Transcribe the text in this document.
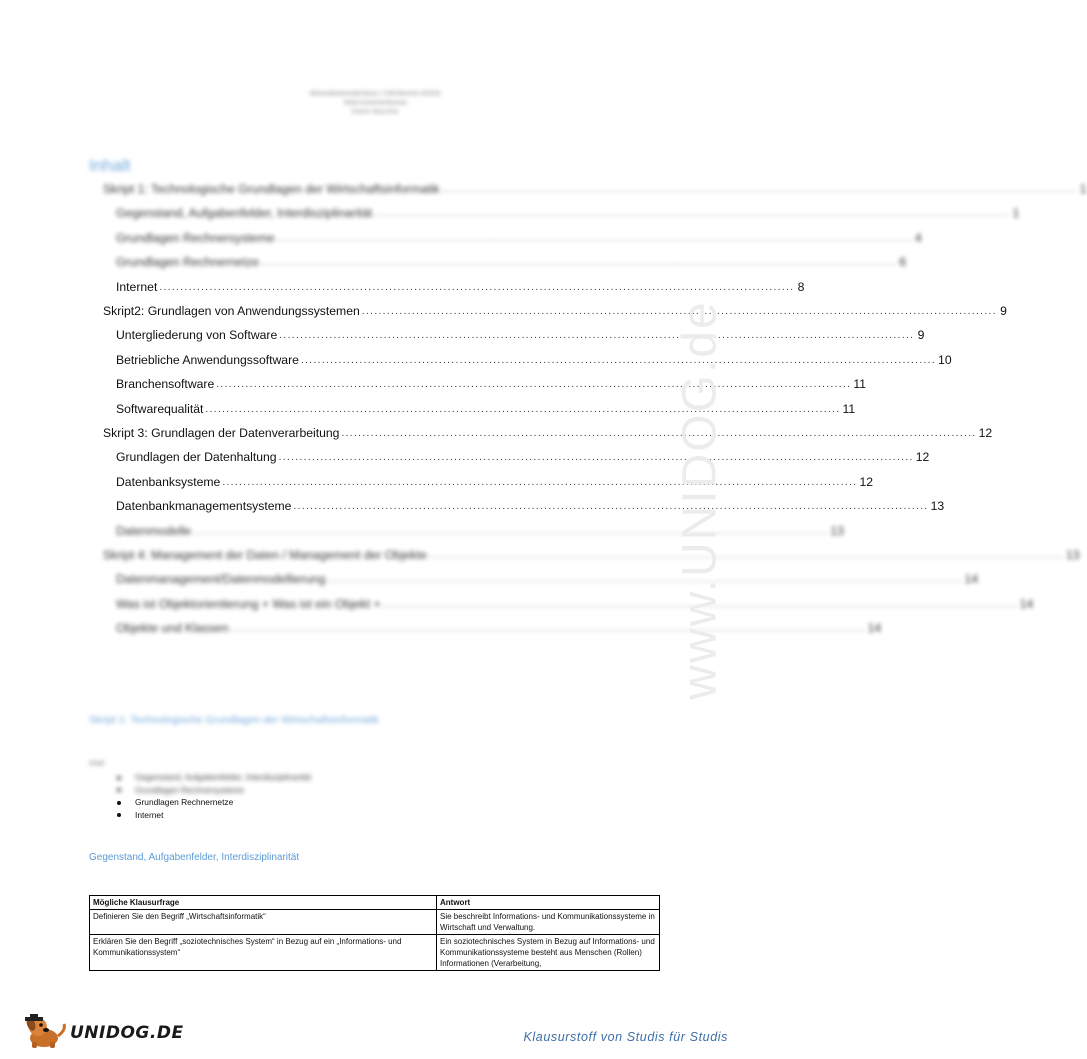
Wirtschaftsinformatik Basics / TUM München SS2018
Skript-Zusammenfassung
Dozent: Klaus Kritz
Inhalt
Skript 1: Technologische Grundlagen der Wirtschaftsinformatik ........................................................................................................................................................ 1
Gegenstand, Aufgabenfelder, Interdisziplinarität ........................................................................................................................................................ 1
Grundlagen Rechnersysteme ........................................................................................................................................................ 4
Grundlagen Rechnernetze ........................................................................................................................................................ 6
Internet ........................................................................................................................................................ 8
Skript2: Grundlagen von Anwendungssystemen ........................................................................................................................................................ 9
Untergliederung von Software ........................................................................................................................................................ 9
Betriebliche Anwendungssoftware ........................................................................................................................................................ 10
Branchensoftware ........................................................................................................................................................ 11
Softwarequalität ........................................................................................................................................................ 11
Skript 3: Grundlagen der Datenverarbeitung ........................................................................................................................................................ 12
Grundlagen der Datenhaltung ........................................................................................................................................................ 12
Datenbanksysteme ........................................................................................................................................................ 12
Datenbankmanagementsysteme ........................................................................................................................................................ 13
Datenmodelle ........................................................................................................................................................ 13
Skript 4: Management der Daten / Management der Objekte ........................................................................................................................................................ 13
Datenmanagement/Datenmodellierung ........................................................................................................................................................ 14
Was ist Objektorientierung + Was ist ein Objekt + ........................................................................................................................................................ 14
Objekte und Klassen ........................................................................................................................................................ 14
www.UNIDOG.de
Skript 1: Technologische Grundlagen der Wirtschaftsinformatik
Inhalt:
Gegenstand, Aufgabenfelder, Interdisziplinarität
Grundlagen Rechnersysteme
Grundlagen Rechnernetze
Internet
Gegenstand, Aufgabenfelder, Interdisziplinarität
Mögliche Klausurfrage	Antwort
Definieren Sie den Begriff „Wirtschaftsinformatik“	Sie beschreibt Informations- und Kommunikationssysteme in Wirtschaft und Verwaltung.
Erklären Sie den Begriff „soziotechnisches System“ in Bezug auf ein „Informations- und Kommunikationssystem“	Ein soziotechnisches System in Bezug auf Informations- und Kommunikationssysteme besteht aus Menschen (Rollen) Informationen (Verarbeitung,
UNIDOG.DE	Klausurstoff von Studis für Studis
